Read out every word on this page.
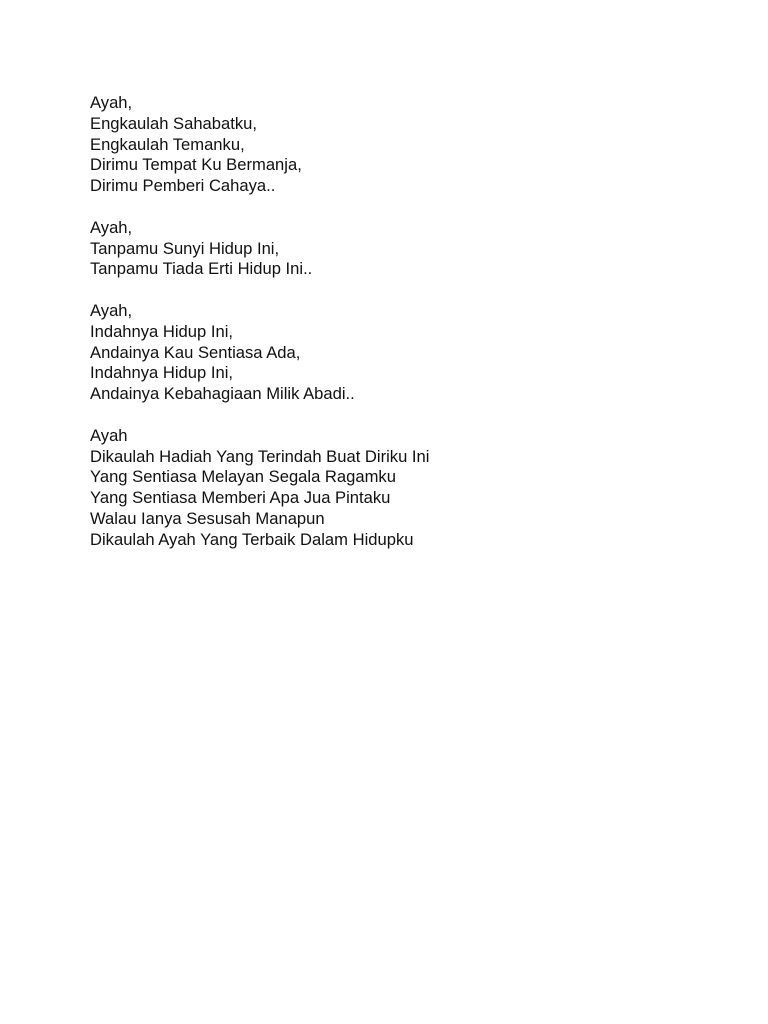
Ayah,
Engkaulah Sahabatku,
Engkaulah Temanku,
Dirimu Tempat Ku Bermanja,
Dirimu Pemberi Cahaya..
Ayah,
Tanpamu Sunyi Hidup Ini,
Tanpamu Tiada Erti Hidup Ini..
Ayah,
Indahnya Hidup Ini,
Andainya Kau Sentiasa Ada,
Indahnya Hidup Ini,
Andainya Kebahagiaan Milik Abadi..
Ayah
Dikaulah Hadiah Yang Terindah Buat Diriku Ini
Yang Sentiasa Melayan Segala Ragamku
Yang Sentiasa Memberi Apa Jua Pintaku
Walau Ianya Sesusah Manapun
Dikaulah Ayah Yang Terbaik Dalam Hidupku
